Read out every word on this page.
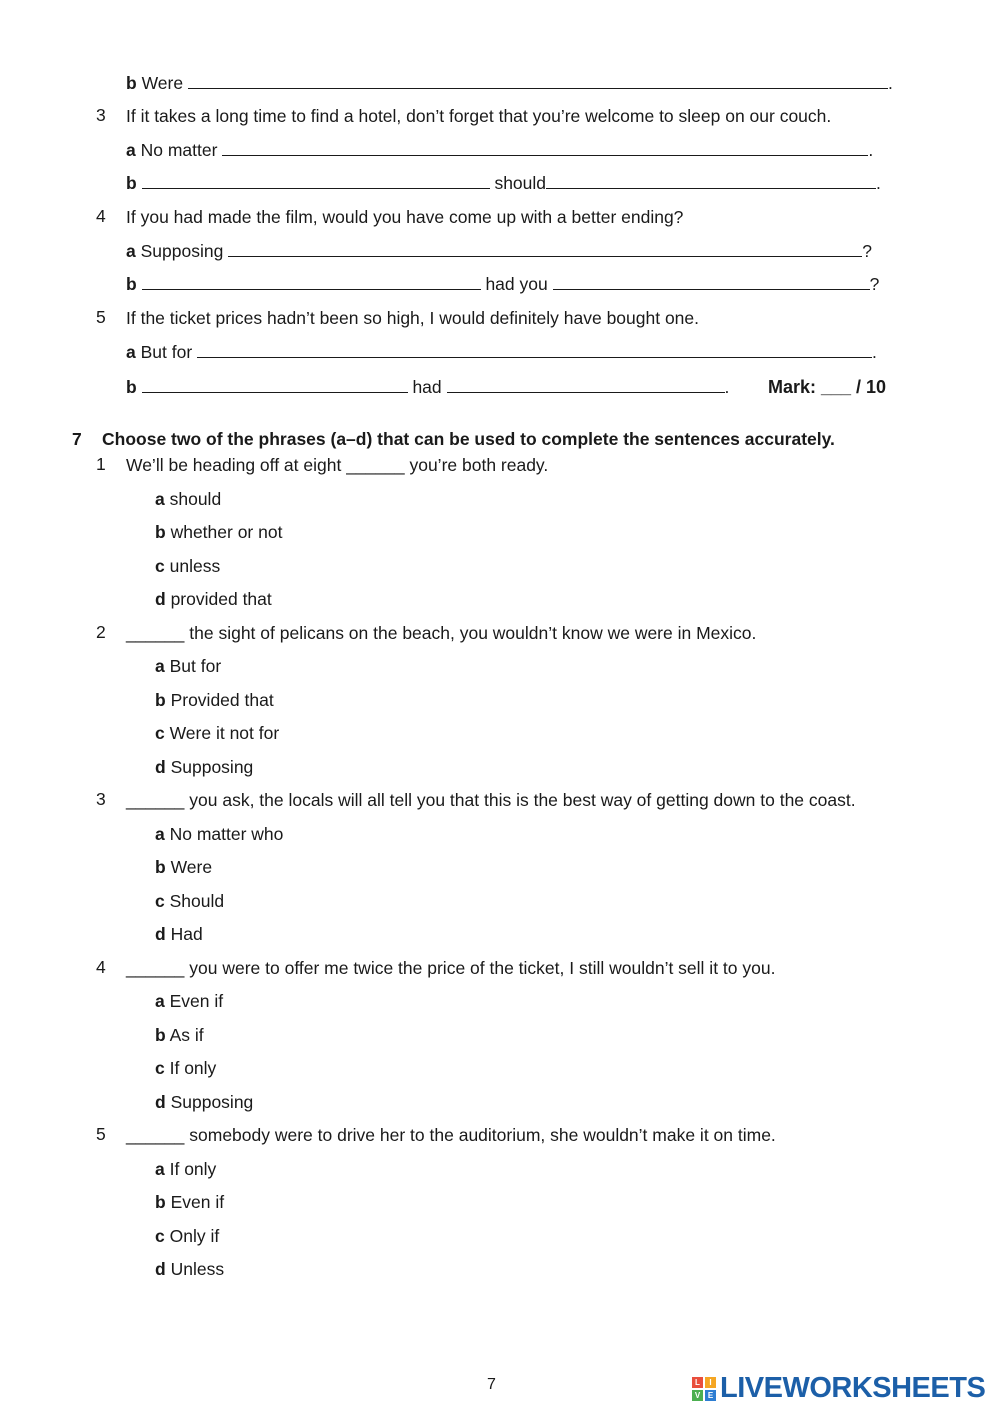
b Were	.
3 If it takes a long time to find a hotel, don’t forget that you’re welcome to sleep on our couch.
a No matter	.
b	should	.
4 If you had made the film, would you have come up with a better ending?
a Supposing	?
b	had you	?
5 If the ticket prices hadn’t been so high, I would definitely have bought one.
a But for	.
b	had	. Mark: ___ / 10
7 Choose two of the phrases (a–d) that can be used to complete the sentences accurately.
1 We’ll be heading off at eight ______ you’re both ready.
a should
b whether or not
c unless
d provided that
2 ______ the sight of pelicans on the beach, you wouldn’t know we were in Mexico.
a But for
b Provided that
c Were it not for
d Supposing
3 ______ you ask, the locals will all tell you that this is the best way of getting down to the coast.
a No matter who
b Were
c Should
d Had
4 ______ you were to offer me twice the price of the ticket, I still wouldn’t sell it to you.
a Even if
b As if
c If only
d Supposing
5 ______ somebody were to drive her to the auditorium, she wouldn’t make it on time.
a If only
b Even if
c Only if
d Unless
7	L	I
V E LIVEWORKSHEETS
